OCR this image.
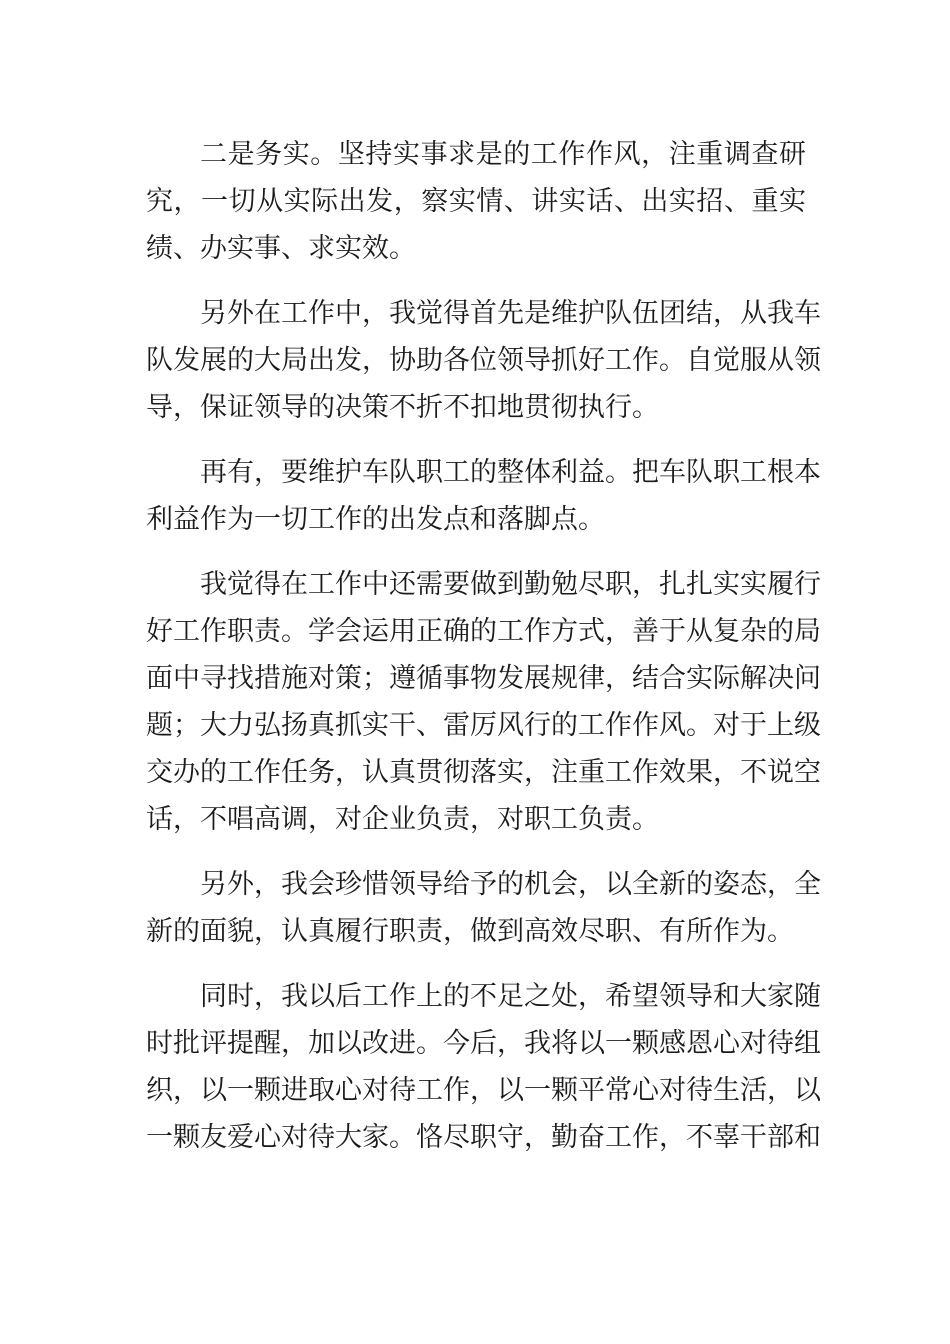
二是务实。坚持实事求是的工作作风，注重调查研
究，一切从实际出发，察实情、讲实话、出实招、重实
绩、办实事、求实效。
另外在工作中，我觉得首先是维护队伍团结，从我车
队发展的大局出发，协助各位领导抓好工作。自觉服从领
导，保证领导的决策不折不扣地贯彻执行。
再有，要维护车队职工的整体利益。把车队职工根本
利益作为一切工作的出发点和落脚点。
我觉得在工作中还需要做到勤勉尽职，扎扎实实履行
好工作职责。学会运用正确的工作方式，善于从复杂的局
面中寻找措施对策；遵循事物发展规律，结合实际解决问
题；大力弘扬真抓实干、雷厉风行的工作作风。对于上级
交办的工作任务，认真贯彻落实，注重工作效果，不说空
话，不唱高调，对企业负责，对职工负责。
另外，我会珍惜领导给予的机会，以全新的姿态，全
新的面貌，认真履行职责，做到高效尽职、有所作为。
同时，我以后工作上的不足之处，希望领导和大家随
时批评提醒，加以改进。今后，我将以一颗感恩心对待组
织，以一颗进取心对待工作，以一颗平常心对待生活，以
一颗友爱心对待大家。恪尽职守，勤奋工作，不辜干部和
